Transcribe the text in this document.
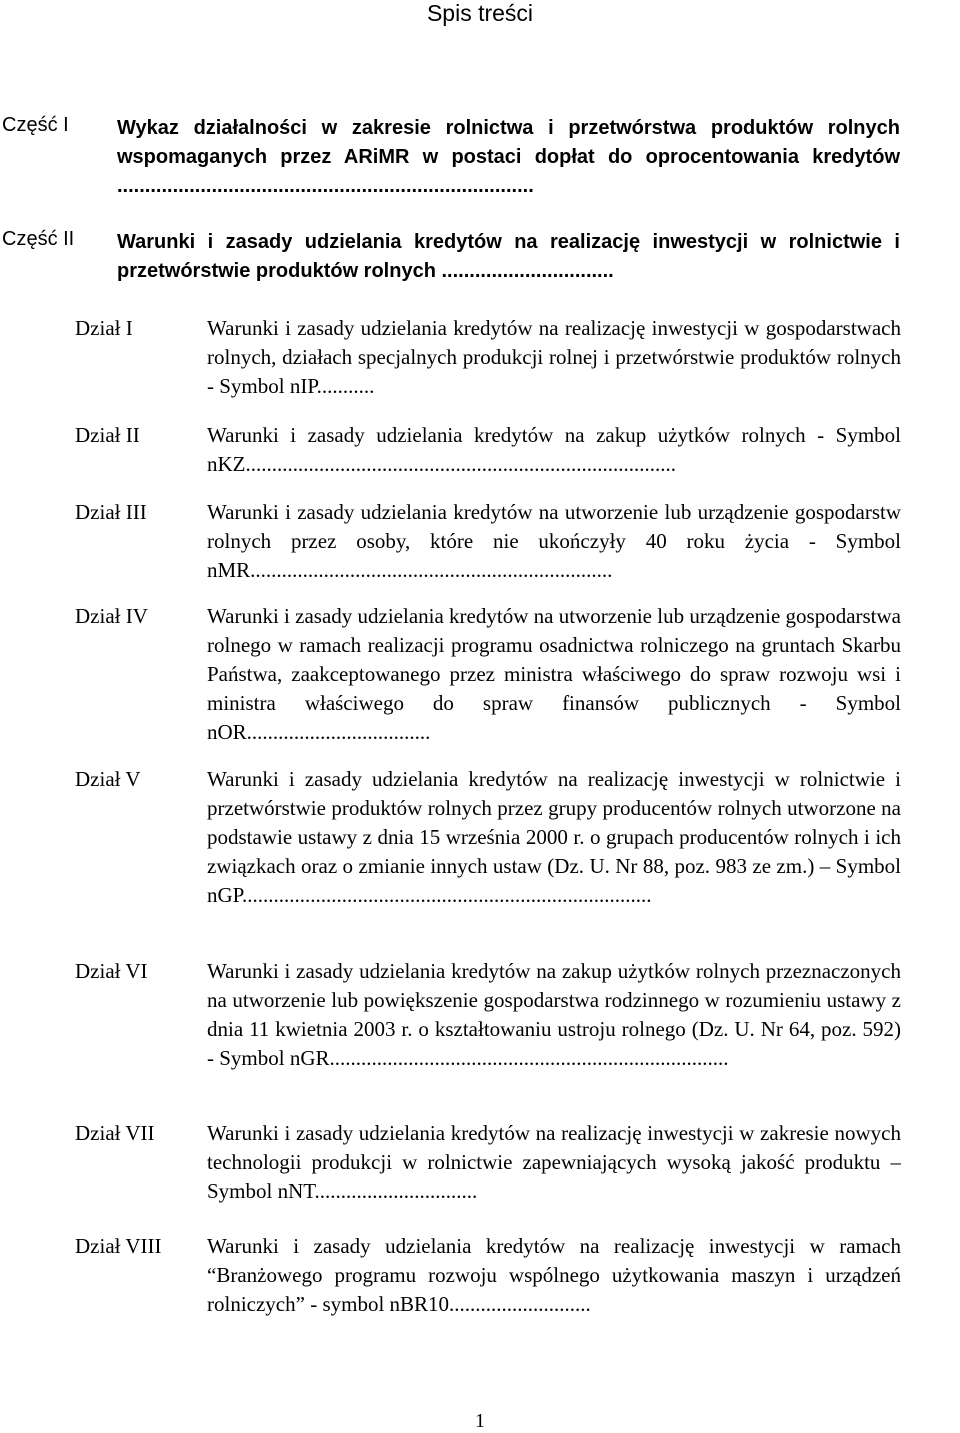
Spis treści
Część I Wykaz działalności w zakresie rolnictwa i przetwórstwa produktów rolnych wspomaganych przez ARiMR w postaci dopłat do oprocentowania kredytów ...........................................................................
Część II Warunki i zasady udzielania kredytów na realizację inwestycji w rolnictwie i przetwórstwie produktów rolnych ...............................
Dział I	Warunki i zasady udzielania kredytów na realizację inwestycji w gospodarstwach rolnych, działach specjalnych produkcji rolnej i przetwórstwie produktów rolnych - Symbol nIP...........
Dział II	Warunki i zasady udzielania kredytów na zakup użytków rolnych - Symbol nKZ..................................................................................
Dział III	Warunki i zasady udzielania kredytów na utworzenie lub urządzenie gospodarstw rolnych przez osoby, które nie ukończyły 40 roku życia - Symbol nMR.....................................................................
Dział IV	Warunki i zasady udzielania kredytów na utworzenie lub urządzenie gospodarstwa rolnego w ramach realizacji programu osadnictwa rolniczego na gruntach Skarbu Państwa, zaakceptowanego przez ministra właściwego do spraw rozwoju wsi i ministra właściwego do spraw finansów publicznych - Symbol nOR...................................
Dział V	Warunki i zasady udzielania kredytów na realizację inwestycji w rolnictwie i przetwórstwie produktów rolnych przez grupy producentów rolnych utworzone na podstawie ustawy z dnia 15 września 2000 r. o grupach producentów rolnych i ich związkach oraz o zmianie innych ustaw (Dz. U. Nr 88, poz. 983 ze zm.) – Symbol nGP..............................................................................
Dział VI	Warunki i zasady udzielania kredytów na zakup użytków rolnych przeznaczonych na utworzenie lub powiększenie gospodarstwa rodzinnego w rozumieniu ustawy z dnia 11 kwietnia 2003 r. o kształtowaniu ustroju rolnego (Dz. U. Nr 64, poz. 592) - Symbol nGR............................................................................
Dział VII	Warunki i zasady udzielania kredytów na realizację inwestycji w zakresie nowych technologii produkcji w rolnictwie zapewniających wysoką jakość produktu – Symbol nNT...............................
Dział VIII Warunki i zasady udzielania kredytów na realizację inwestycji w ramach “Branżowego programu rozwoju wspólnego użytkowania maszyn i urządzeń rolniczych” - symbol nBR10...........................
1
